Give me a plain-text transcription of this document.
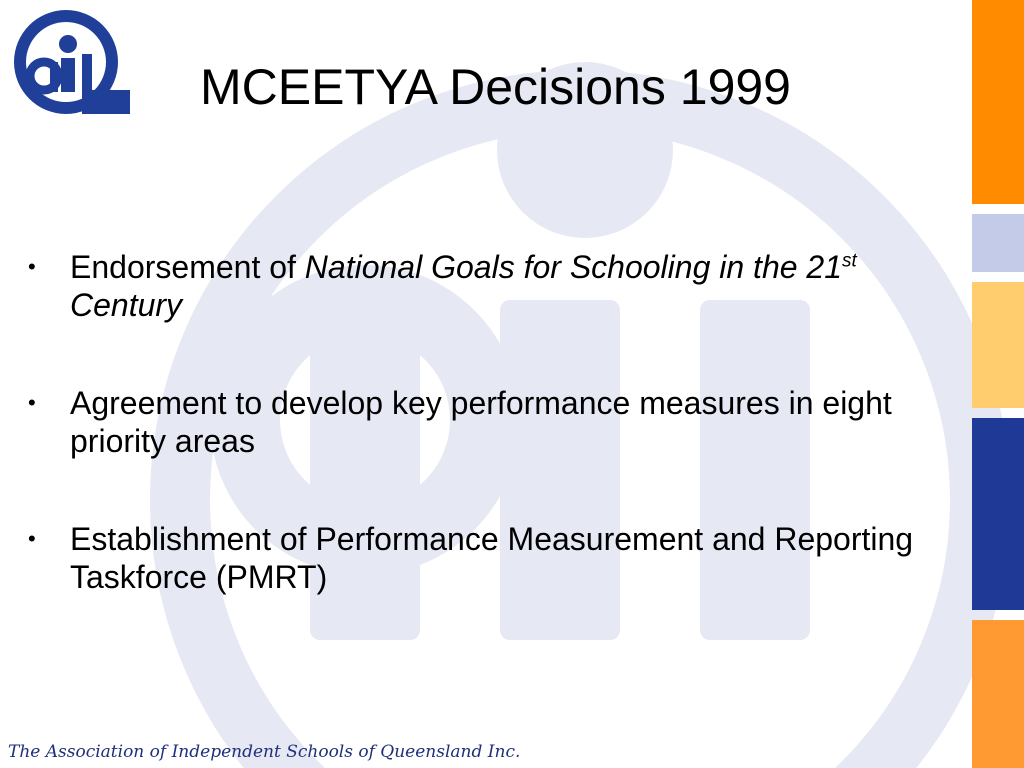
MCEETYA Decisions 1999
• Endorsement of National Goals for Schooling in the 21st Century
• Agreement to develop key performance measures in eight priority areas
• Establishment of Performance Measurement and Reporting Taskforce (PMRT)
The Association of Independent Schools of Queensland Inc.
